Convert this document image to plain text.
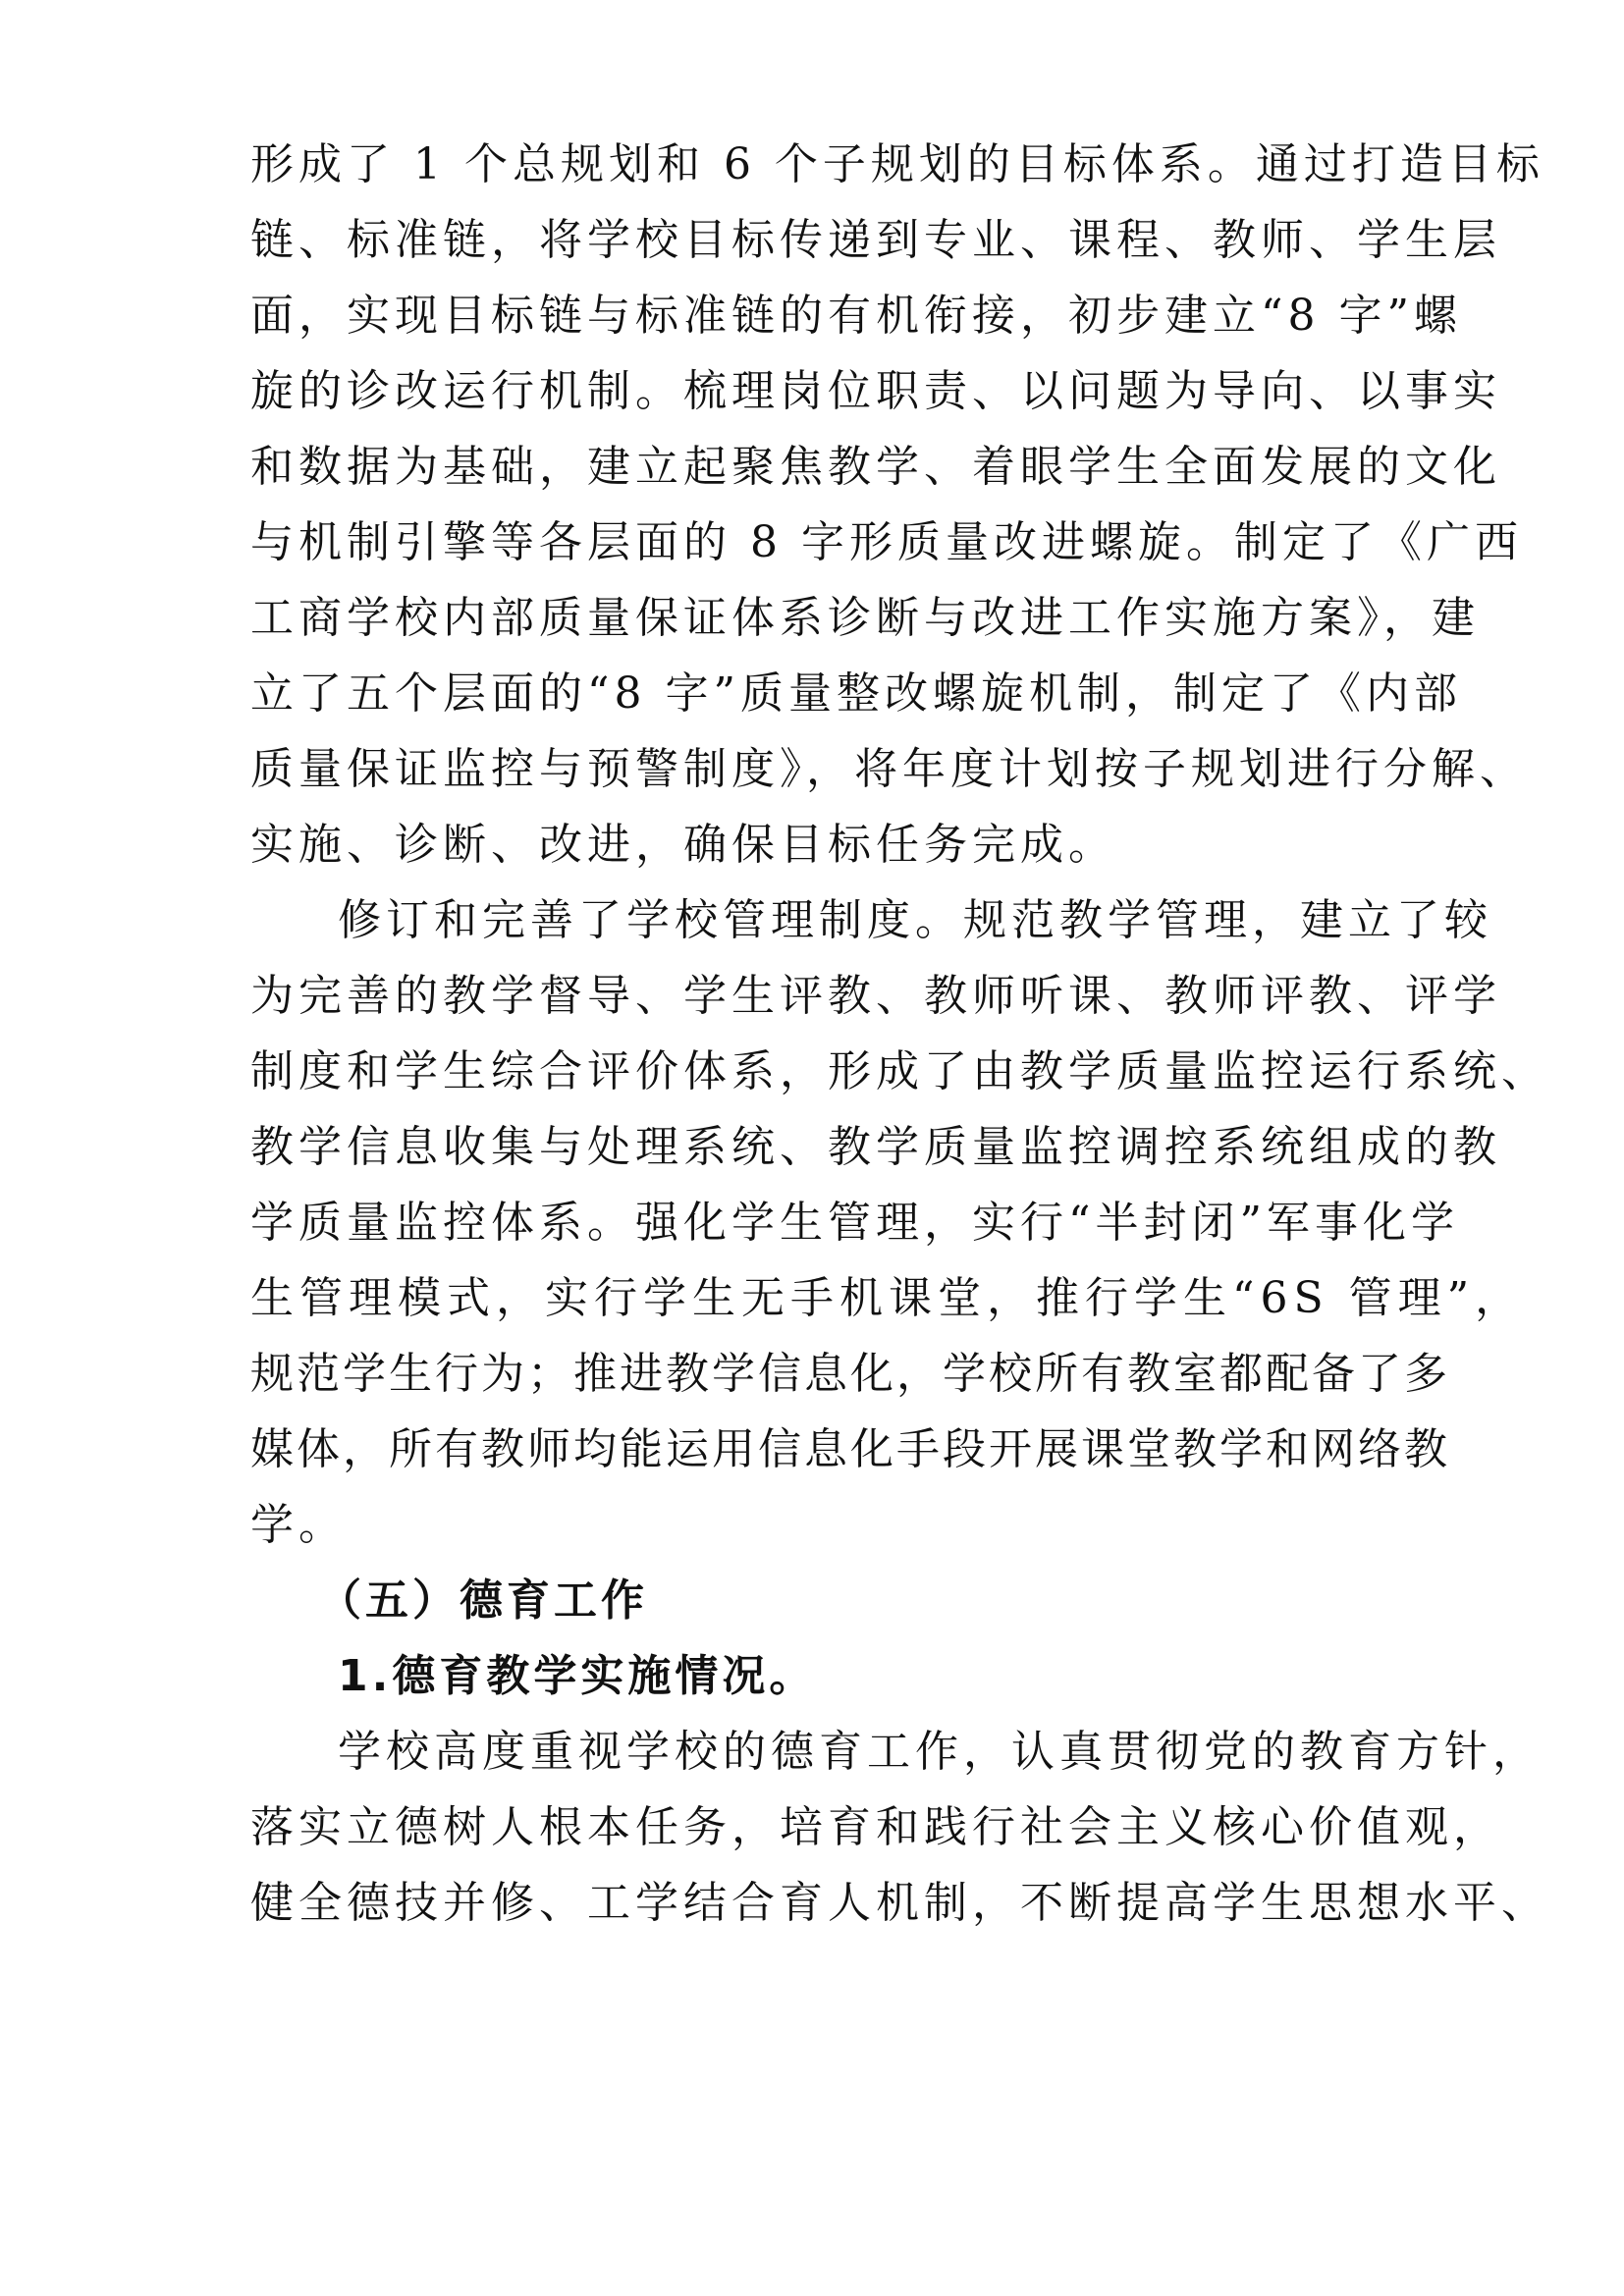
形成了 1 个总规划和 6 个子规划的目标体系。通过打造目标
链、标准链，将学校目标传递到专业、课程、教师、学生层
面，实现目标链与标准链的有机衔接，初步建立“8 字”螺
旋的诊改运行机制。梳理岗位职责、以问题为导向、以事实
和数据为基础，建立起聚焦教学、着眼学生全面发展的文化
与机制引擎等各层面的 8 字形质量改进螺旋。制定了《广西
工商学校内部质量保证体系诊断与改进工作实施方案》，建
立了五个层面的“8 字”质量整改螺旋机制，制定了《内部
质量保证监控与预警制度》，将年度计划按子规划进行分解、
实施、诊断、改进，确保目标任务完成。
修订和完善了学校管理制度。规范教学管理，建立了较
为完善的教学督导、学生评教、教师听课、教师评教、评学
制度和学生综合评价体系，形成了由教学质量监控运行系统、
教学信息收集与处理系统、教学质量监控调控系统组成的教
学质量监控体系。强化学生管理，实行“半封闭”军事化学
生管理模式，实行学生无手机课堂，推行学生“6S 管理”，
规范学生行为；推进教学信息化，学校所有教室都配备了多
媒体，所有教师均能运用信息化手段开展课堂教学和网络教
学。
（五）德育工作
1.德育教学实施情况。
学校高度重视学校的德育工作，认真贯彻党的教育方针，
落实立德树人根本任务，培育和践行社会主义核心价值观，
健全德技并修、工学结合育人机制，不断提高学生思想水平、
